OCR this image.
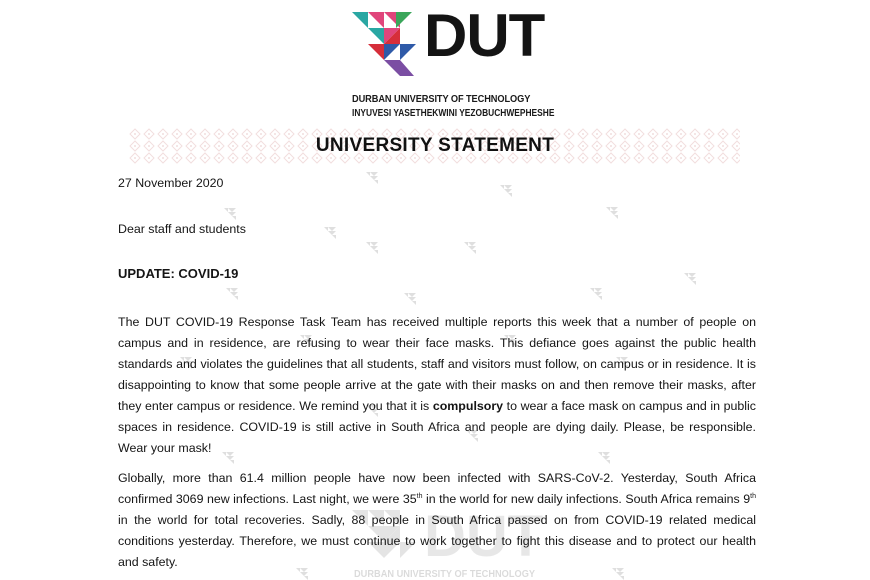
DUT
DURBAN UNIVERSITY OF TECHNOLOGY
INYUVESI YASETHEKWINI YEZOBUCHWEPHESHE
UNIVERSITY STATEMENT
DUT
DURBAN UNIVERSITY OF TECHNOLOGY
27 November 2020
Dear staff and students
UPDATE: COVID-19
The DUT COVID-19 Response Task Team has received multiple reports this week that a number of people on campus and in residence, are refusing to wear their face masks. This defiance goes against the public health standards and violates the guidelines that all students, staff and visitors must follow, on campus or in residence. It is disappointing to know that some people arrive at the gate with their masks on and then remove their masks, after they enter campus or residence. We remind you that it is compulsory to wear a face mask on campus and in public spaces in residence. COVID-19 is still active in South Africa and people are dying daily. Please, be responsible. Wear your mask!
Globally, more than 61.4 million people have now been infected with SARS-CoV-2. Yesterday, South Africa confirmed 3069 new infections. Last night, we were 35th in the world for new daily infections. South Africa remains 9th in the world for total recoveries. Sadly, 88 people in South Africa passed on from COVID-19 related medical conditions yesterday. Therefore, we must continue to work together to fight this disease and to protect our health and safety.
